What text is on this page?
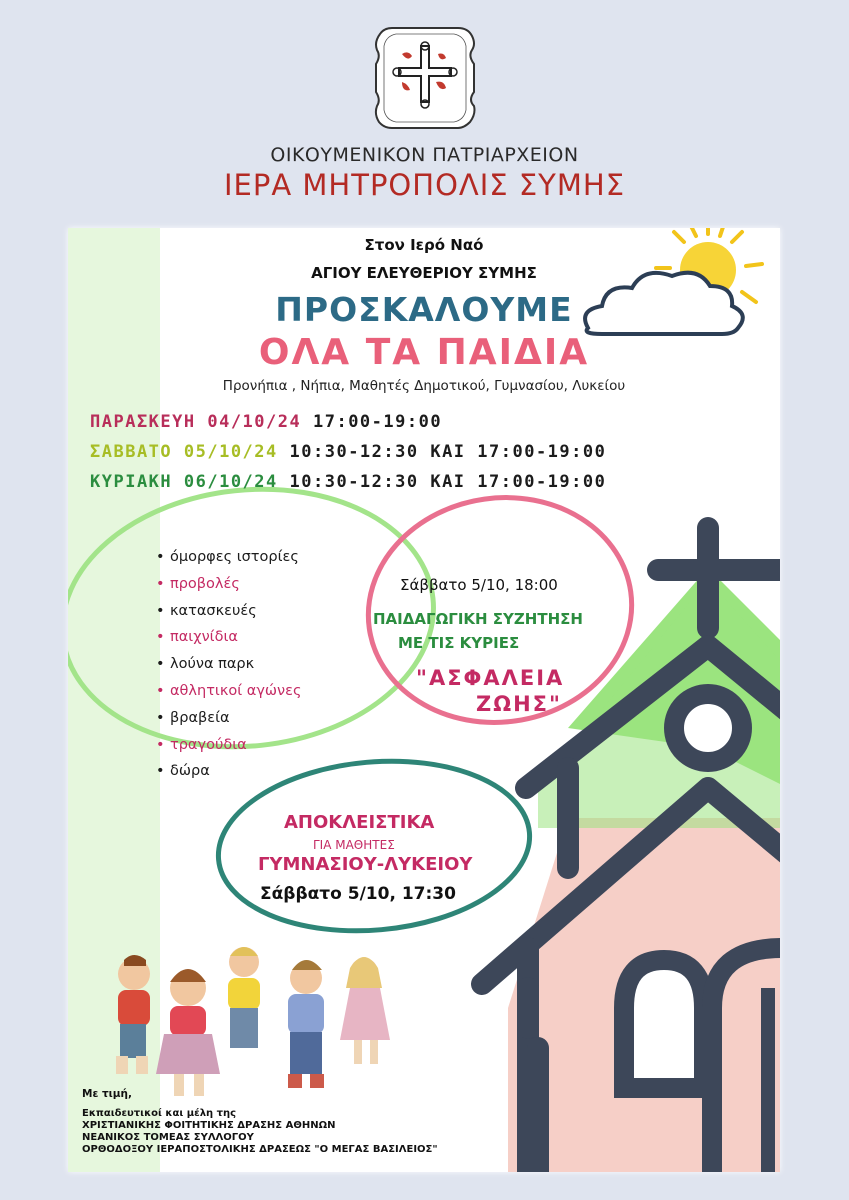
ΟΙΚΟΥΜΕΝΙΚΟΝ ΠΑΤΡΙΑΡΧΕΙΟΝ
ΙΕΡΑ ΜΗΤΡΟΠΟΛΙΣ ΣΥΜΗΣ
Στον Ιερό Ναό
ΑΓΙΟΥ ΕΛΕΥΘΕΡΙΟΥ ΣΥΜΗΣ
ΠΡΟΣΚΑΛΟΥΜΕ
ΟΛΑ ΤΑ ΠΑΙΔΙΑ
Προνήπια , Νήπια, Μαθητές Δημοτικού, Γυμνασίου, Λυκείου
ΠΑΡΑΣΚΕΥΗ 04/10/24 17:00-19:00
ΣΑΒΒΑΤΟ 05/10/24 10:30-12:30 ΚΑΙ 17:00-19:00
ΚΥΡΙΑΚΗ 06/10/24 10:30-12:30 ΚΑΙ 17:00-19:00
• όμορφες ιστορίες
• προβολές
• κατασκευές
• παιχνίδια
• λούνα παρκ
• αθλητικοί αγώνες
• βραβεία
• τραγούδια
• δώρα
Σάββατο 5/10, 18:00
ΠΑΙΔΑΓΩΓΙΚΗ ΣΥΖΗΤΗΣΗ
ΜΕ ΤΙΣ ΚΥΡΙΕΣ
"ΑΣΦΑΛΕΙΑ
ΖΩΗΣ"
ΑΠΟΚΛΕΙΣΤΙΚΑ
ΓΙΑ ΜΑΘΗΤΕΣ
ΓΥΜΝΑΣΙΟΥ-ΛΥΚΕΙΟΥ
Σάββατο 5/10, 17:30
Με τιμή,
Εκπαιδευτικοί και μέλη της
ΧΡΙΣΤΙΑΝΙΚΗΣ ΦΟΙΤΗΤΙΚΗΣ ΔΡΑΣΗΣ ΑΘΗΝΩΝ
ΝΕΑΝΙΚΟΣ ΤΟΜΕΑΣ ΣΥΛΛΟΓΟΥ
ΟΡΘΟΔΟΞΟΥ ΙΕΡΑΠΟΣΤΟΛΙΚΗΣ ΔΡΑΣΕΩΣ "Ο ΜΕΓΑΣ ΒΑΣΙΛΕΙΟΣ"
